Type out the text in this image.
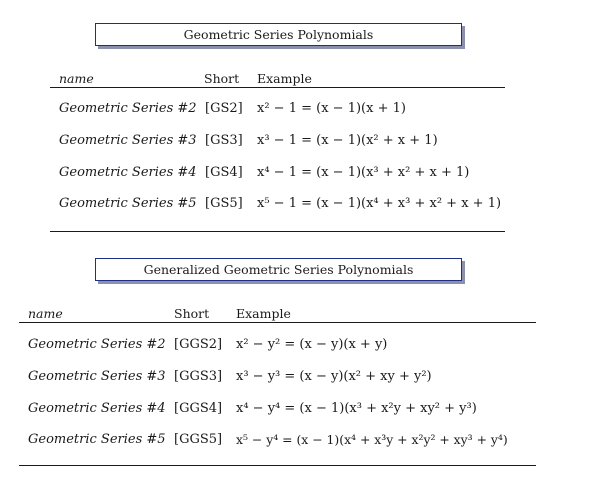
Geometric Series Polynomials
name	Short Example
Geometric Series #2 [GS2] x² − 1 = (x − 1)(x + 1)
Geometric Series #3 [GS3] x³ − 1 = (x − 1)(x² + x + 1)
Geometric Series #4 [GS4] x⁴ − 1 = (x − 1)(x³ + x² + x + 1)
Geometric Series #5 [GS5] x⁵ − 1 = (x − 1)(x⁴ + x³ + x² + x + 1)
Generalized Geometric Series Polynomials
name	Short Example
Geometric Series #2 [GGS2] x² − y² = (x − y)(x + y)
Geometric Series #3 [GGS3] x³ − y³ = (x − y)(x² + xy + y²)
Geometric Series #4 [GGS4] x⁴ − y⁴ = (x − 1)(x³ + x²y + xy² + y³)
Geometric Series #5 [GGS5] x⁵ − y⁴ = (x − 1)(x⁴ + x³y + x²y² + xy³ + y⁴)
